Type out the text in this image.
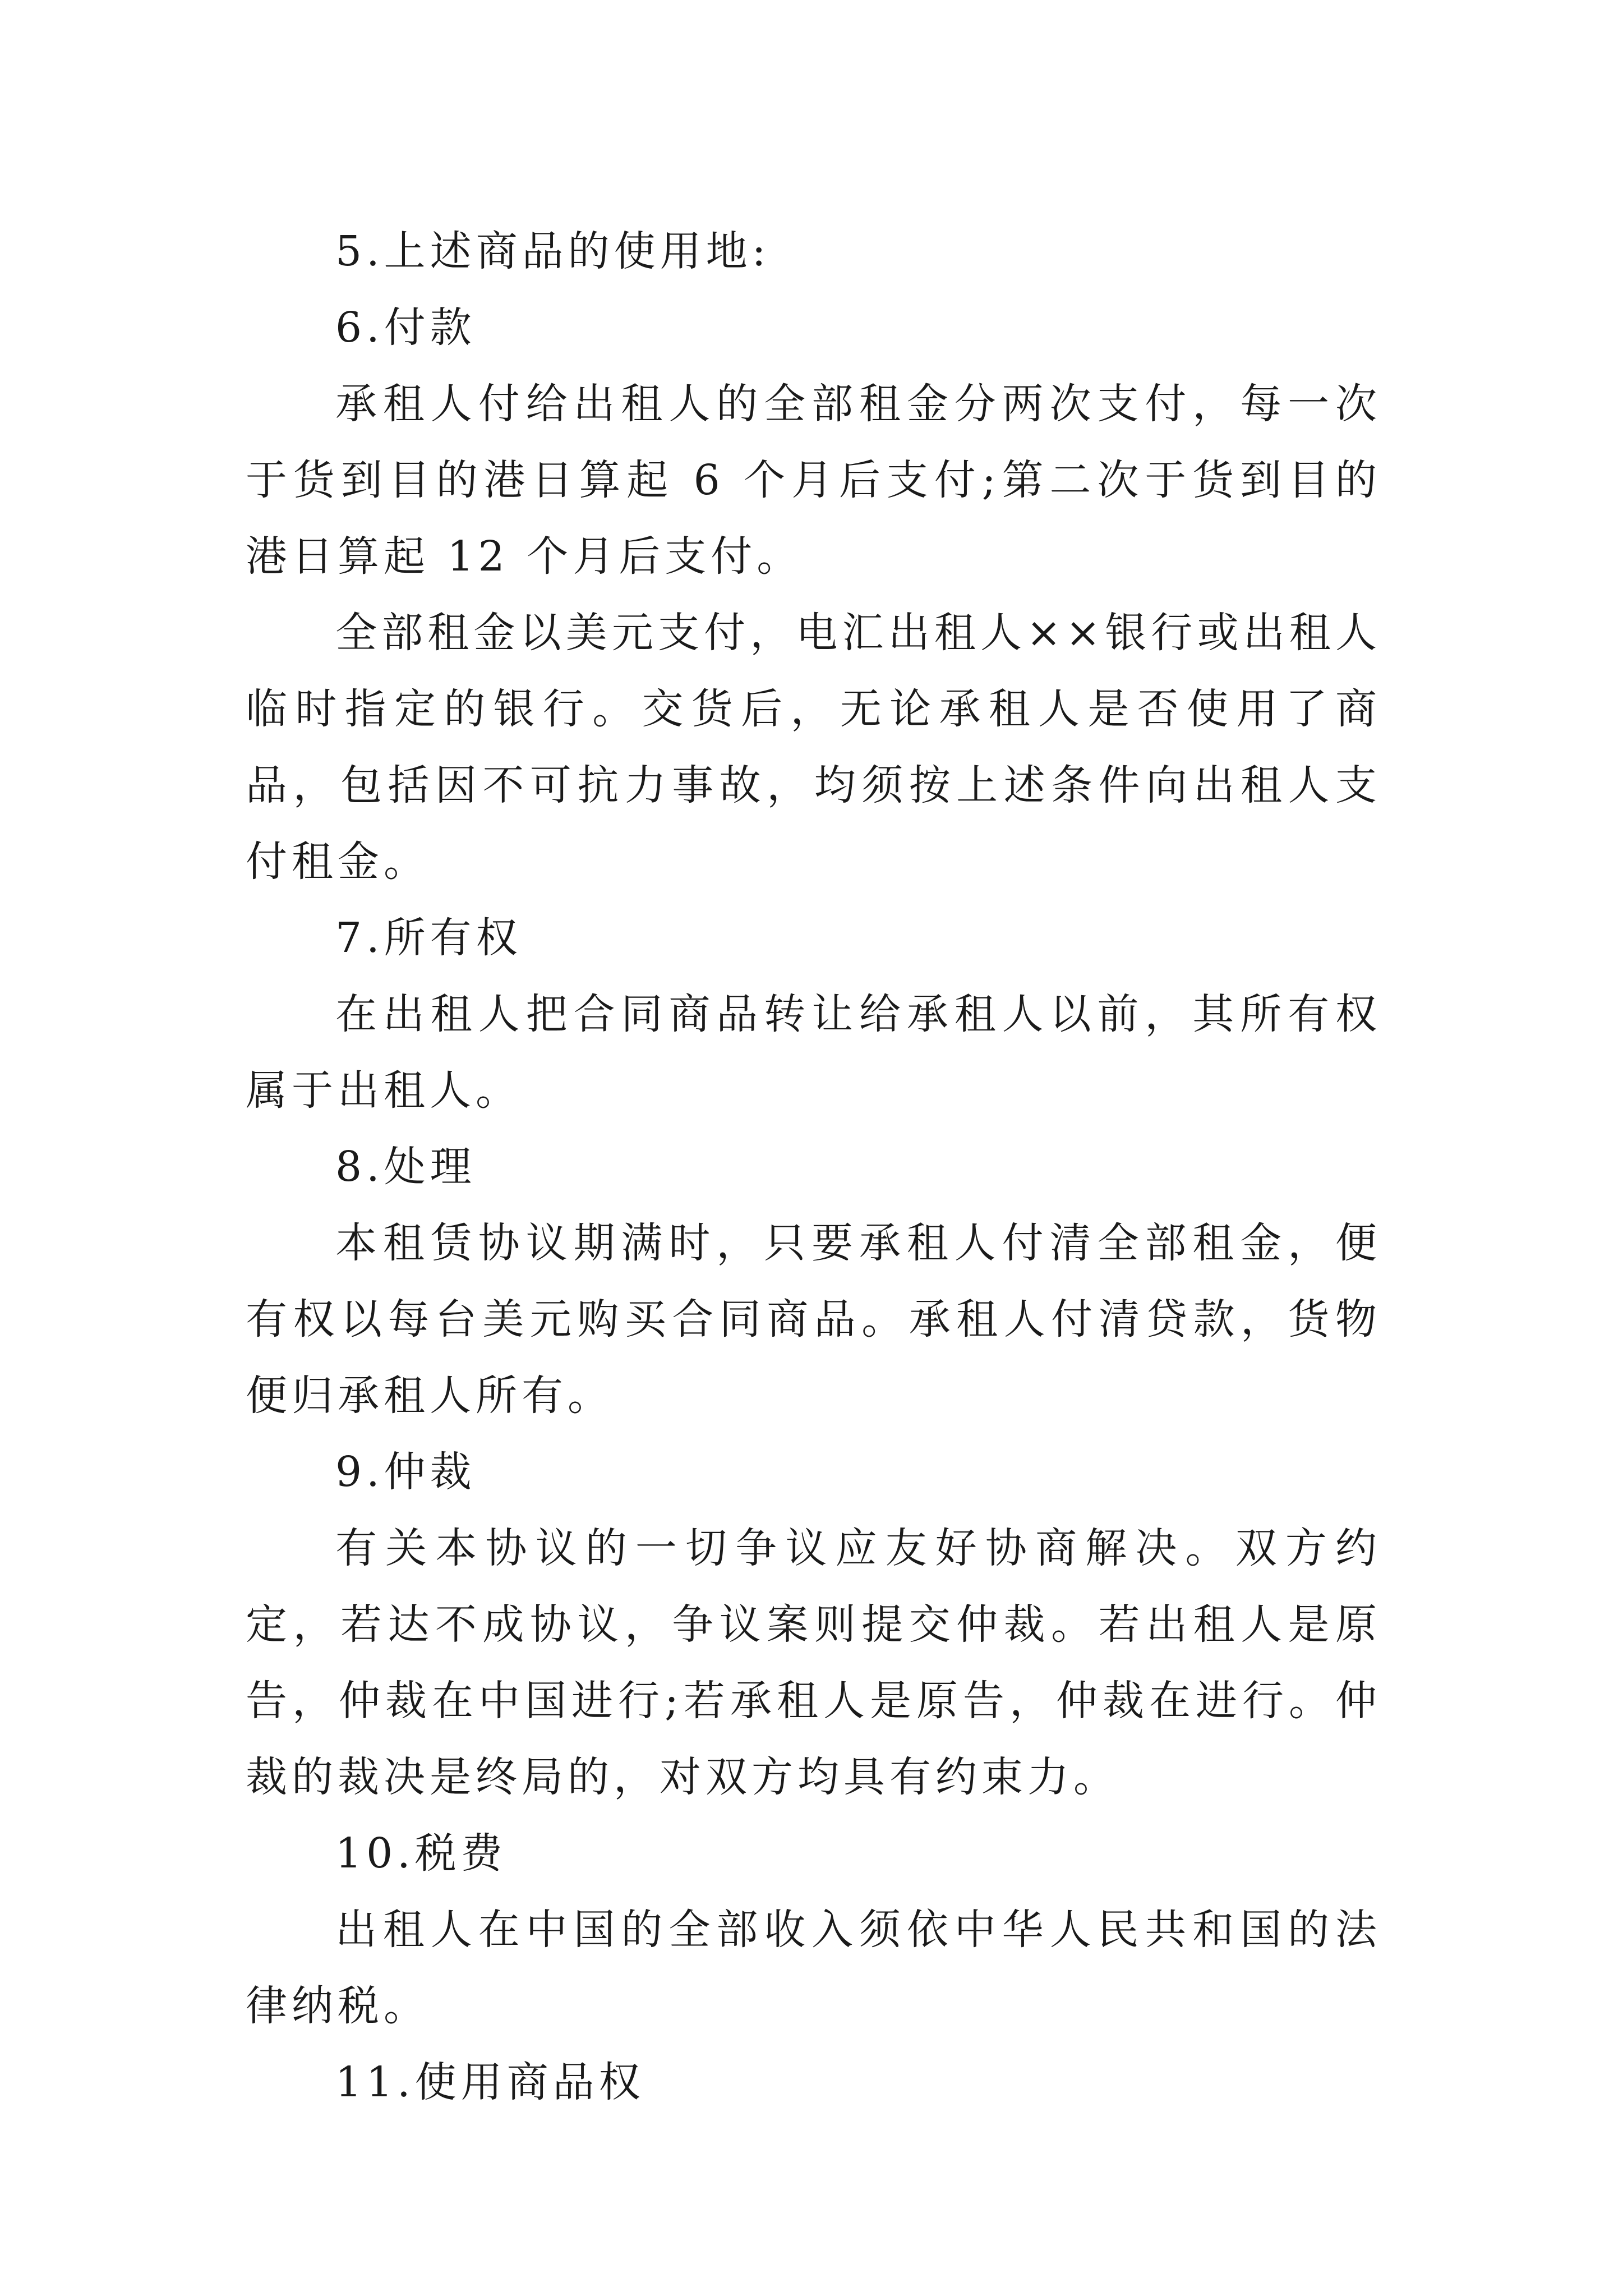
5.上述商品的使用地:

6.付款

承租人付给出租人的全部租金分两次支付，每一次于货到目的港日算起 6 个月后支付;第二次于货到目的港日算起 12 个月后支付。

全部租金以美元支付，电汇出租人××银行或出租人临时指定的银行。交货后，无论承租人是否使用了商品，包括因不可抗力事故，均须按上述条件向出租人支付租金。

7.所有权

在出租人把合同商品转让给承租人以前，其所有权属于出租人。

8.处理

本租赁协议期满时，只要承租人付清全部租金，便有权以每台美元购买合同商品。承租人付清贷款，货物便归承租人所有。

9.仲裁

有关本协议的一切争议应友好协商解决。双方约定，若达不成协议，争议案则提交仲裁。若出租人是原告，仲裁在中国进行;若承租人是原告，仲裁在进行。仲裁的裁决是终局的，对双方均具有约束力。

10.税费

出租人在中国的全部收入须依中华人民共和国的法律纳税。

11.使用商品权
